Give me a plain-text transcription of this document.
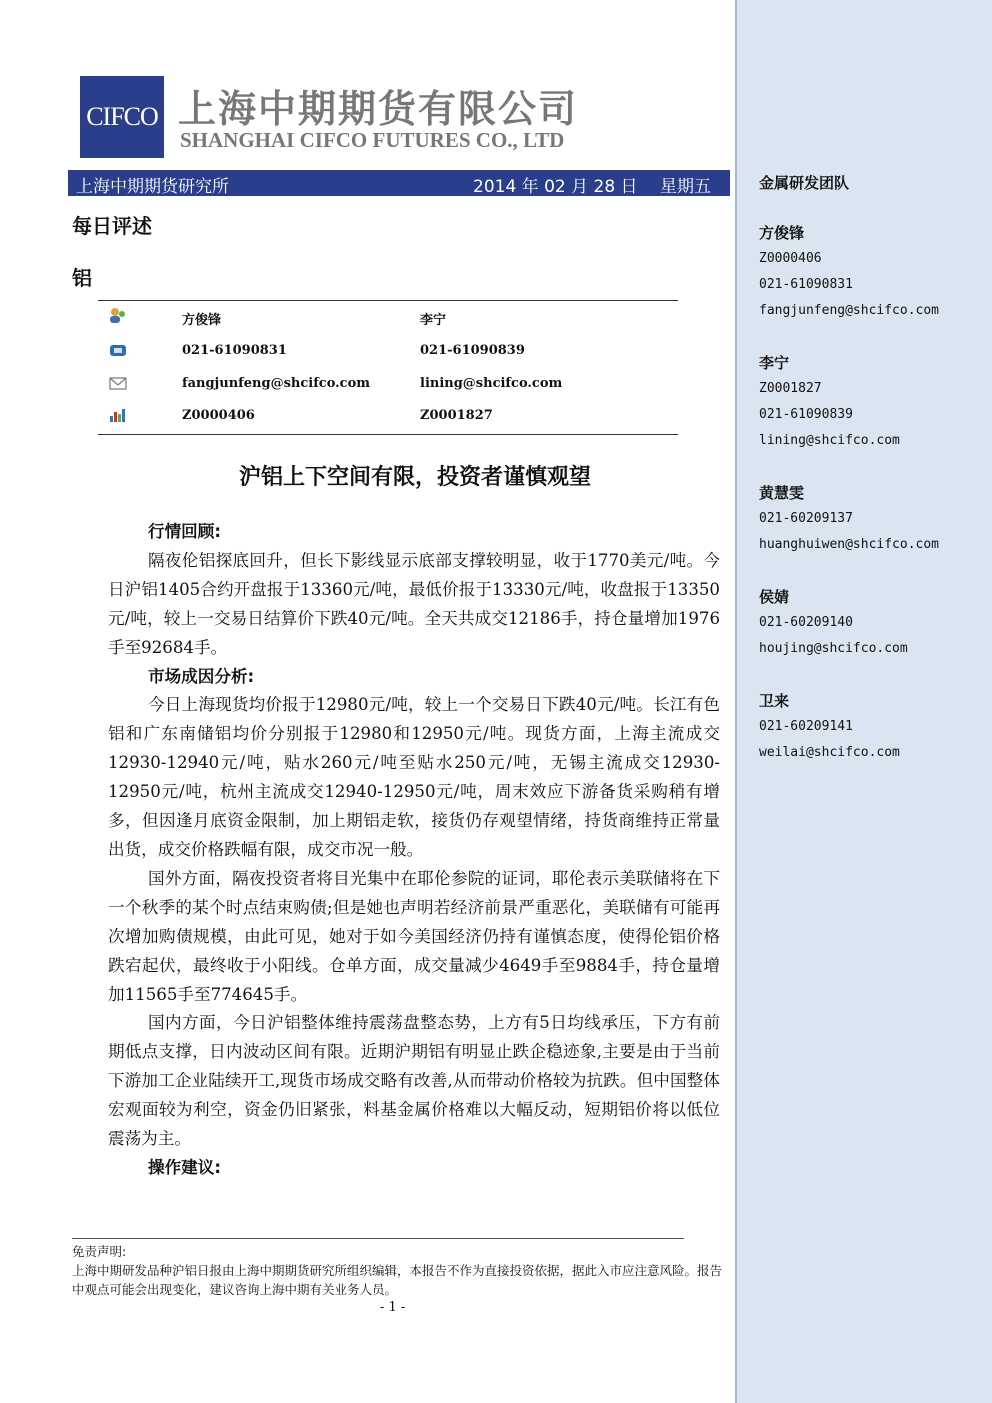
CIFCO 上海中期期货有限公司
SHANGHAI CIFCO FUTURES CO., LTD
上海中期期货研究所	2014 年 02 月 28 日 星期五
每日评述
铝
方俊锋	李宁
021-61090831	021-61090839
fangjunfeng@shcifco.com	lining@shcifco.com
Z0000406	Z0001827
沪铝上下空间有限，投资者谨慎观望
行情回顾:

隔夜伦铝探底回升，但长下影线显示底部支撑较明显，收于1770美元/吨。今日沪铝1405合约开盘报于13360元/吨，最低价报于13330元/吨，收盘报于13350元/吨，较上一交易日结算价下跌40元/吨。全天共成交12186手，持仓量增加1976手至92684手。

市场成因分析:

今日上海现货均价报于12980元/吨，较上一个交易日下跌40元/吨。长江有色铝和广东南储铝均价分别报于12980和12950元/吨。现货方面，上海主流成交12930-12940元/吨，贴水260元/吨至贴水250元/吨，无锡主流成交12930-12950元/吨，杭州主流成交12940-12950元/吨，周末效应下游备货采购稍有增多，但因逢月底资金限制，加上期铝走软，接货仍存观望情绪，持货商维持正常量出货，成交价格跌幅有限，成交市况一般。

国外方面，隔夜投资者将目光集中在耶伦参院的证词，耶伦表示美联储将在下一个秋季的某个时点结束购债;但是她也声明若经济前景严重恶化，美联储有可能再次增加购债规模，由此可见，她对于如今美国经济仍持有谨慎态度，使得伦铝价格跌宕起伏，最终收于小阳线。仓单方面，成交量减少4649手至9884手，持仓量增加11565手至774645手。

国内方面，今日沪铝整体维持震荡盘整态势，上方有5日均线承压，下方有前期低点支撑，日内波动区间有限。近期沪期铝有明显止跌企稳迹象,主要是由于当前下游加工企业陆续开工,现货市场成交略有改善,从而带动价格较为抗跌。但中国整体宏观面较为利空，资金仍旧紧张，料基金属价格难以大幅反动，短期铝价将以低位震荡为主。

操作建议:
免责声明:
上海中期研发品种沪铝日报由上海中期期货研究所组织编辑，本报告不作为直接投资依据，据此入市应注意风险。报告中观点可能会出现变化，建议咨询上海中期有关业务人员。
- 1 -
金属研发团队
方俊锋
Z0000406
021-61090831
fangjunfeng@shcifco.com
李宁
Z0001827
021-61090839
lining@shcifco.com
黄慧雯
021-60209137
huanghuiwen@shcifco.com
侯婧
021-60209140
houjing@shcifco.com
卫来
021-60209141
weilai@shcifco.com
